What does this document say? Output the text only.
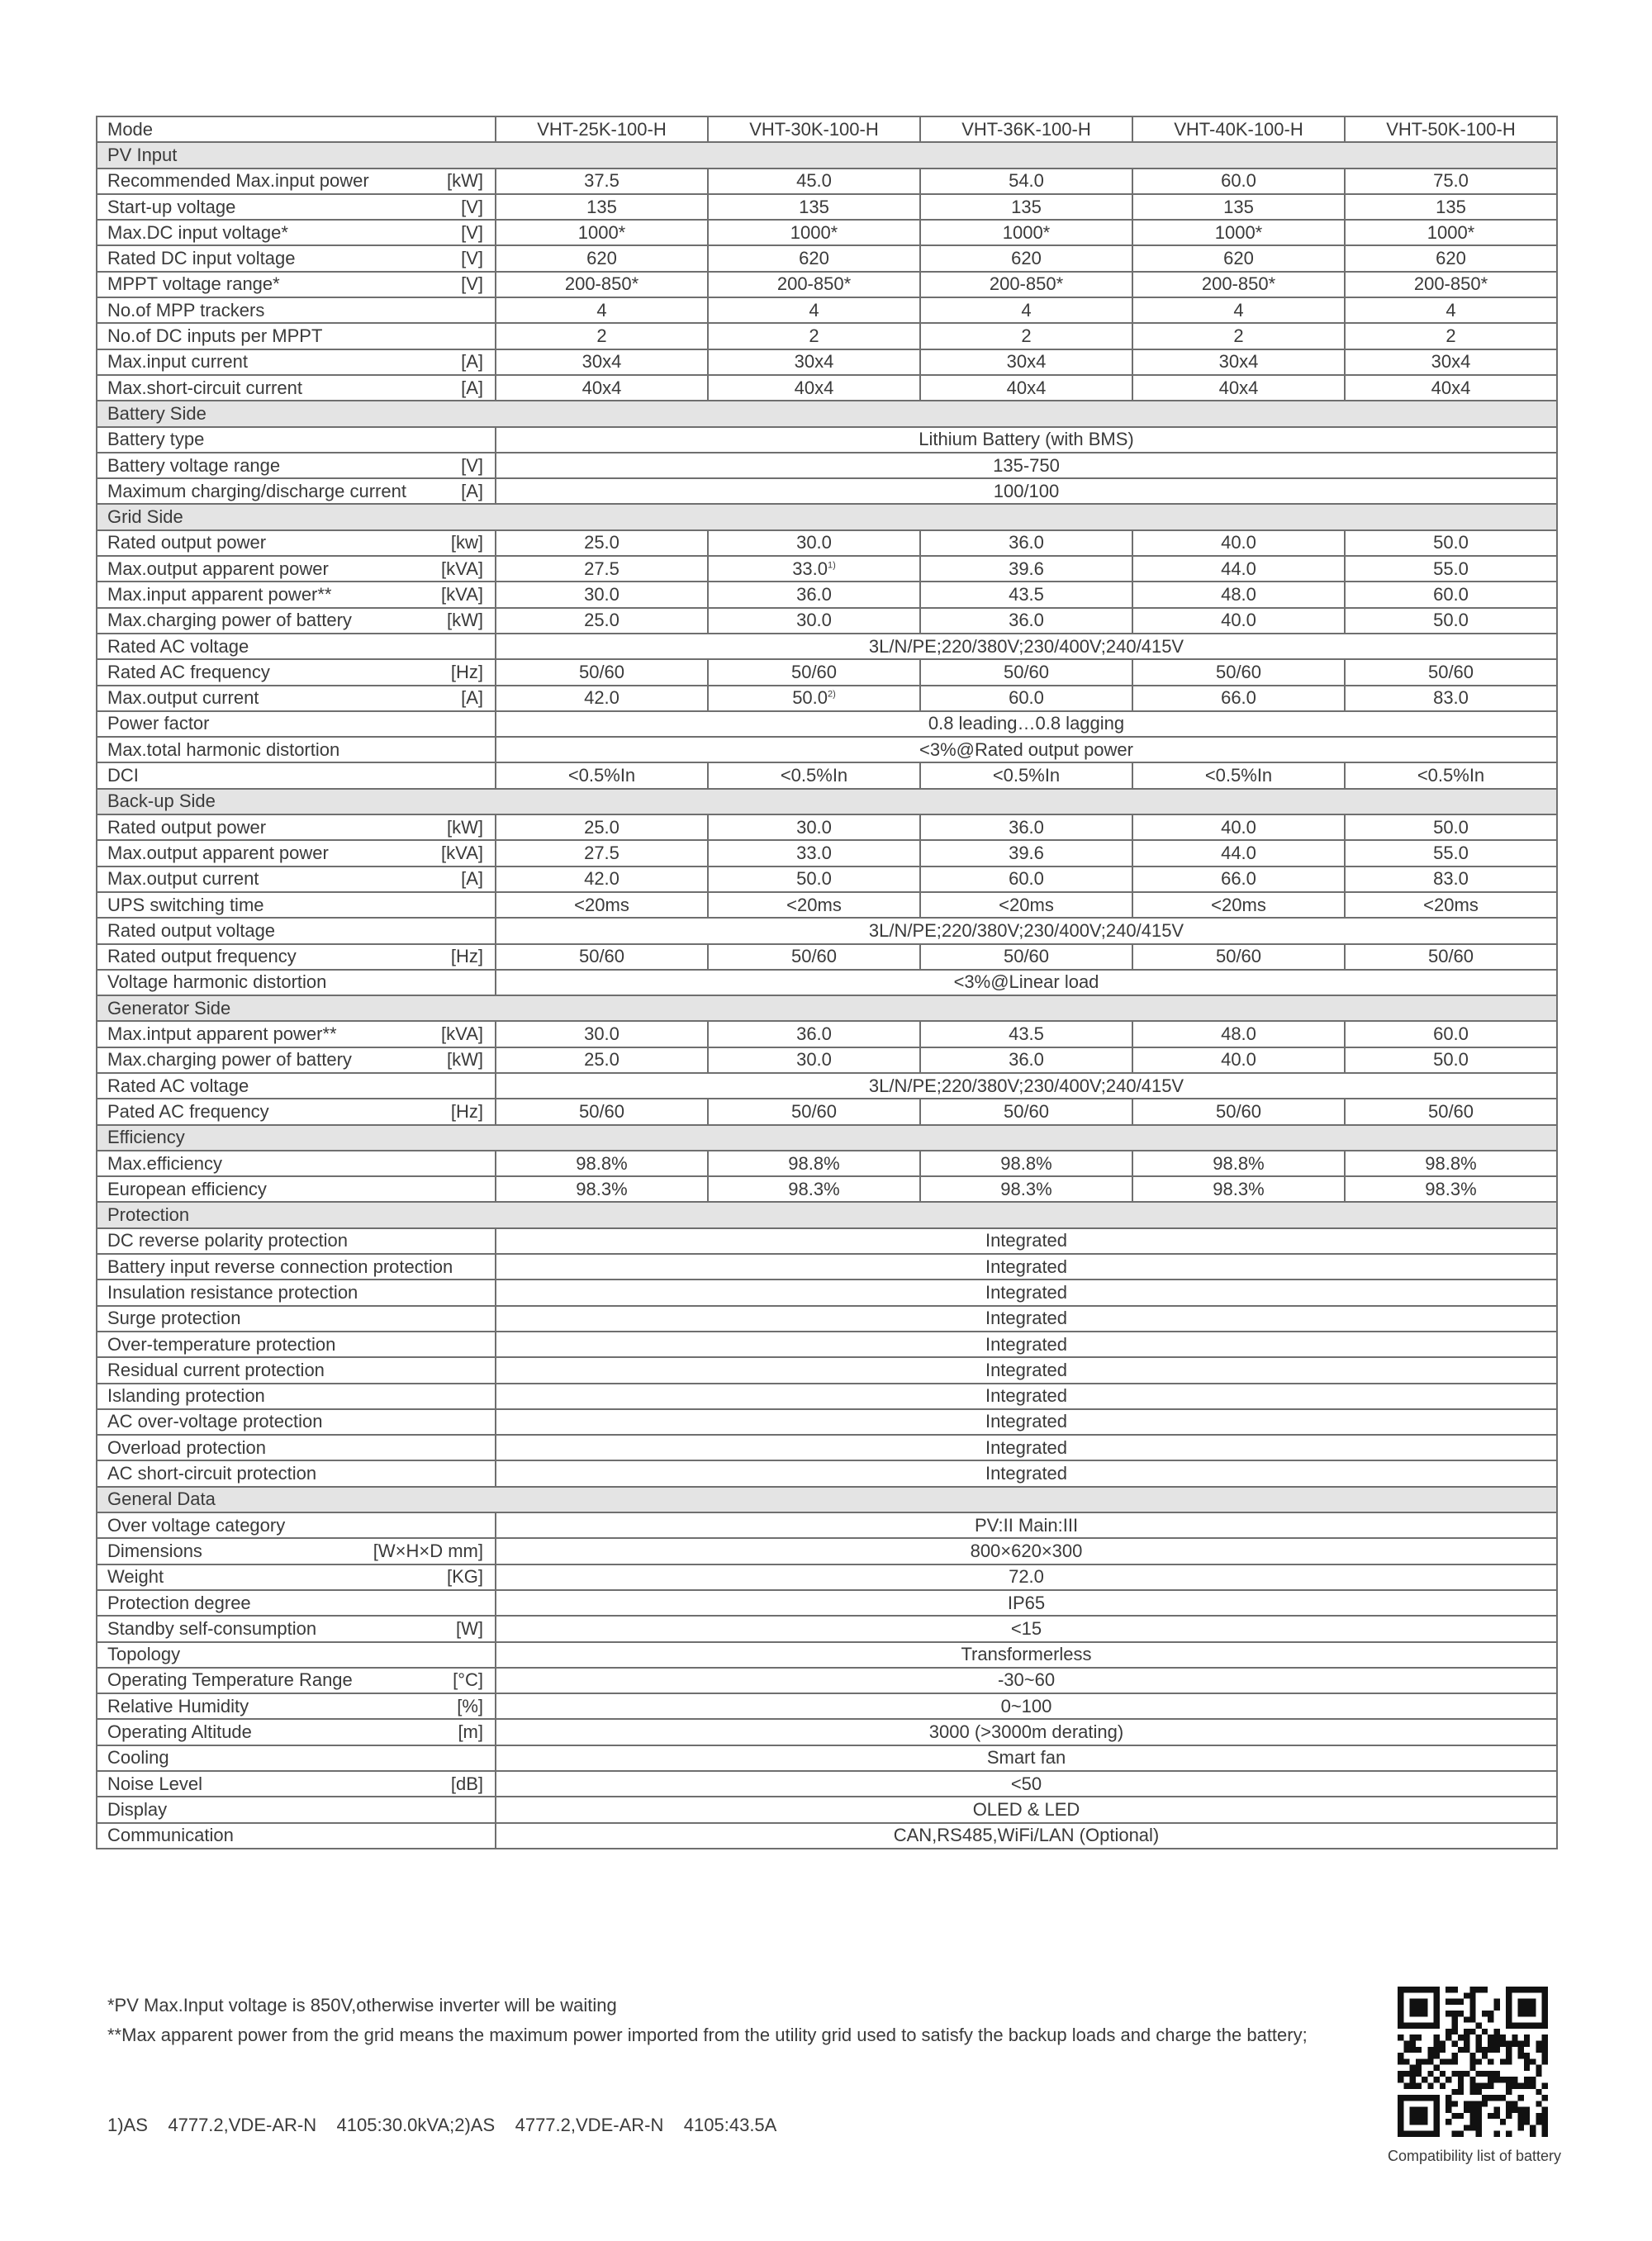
Mode	VHT-25K-100-H	VHT-30K-100-H	VHT-36K-100-H	VHT-40K-100-H	VHT-50K-100-H
PV Input					

Recommended Max.input power [kW]	37.5	45.0	54.0	60.0	75.0

Start-up voltage [V]	135	135	135	135	135

Max.DC input voltage* [V]	1000*	1000*	1000*	1000*	1000*

Rated DC input voltage [V]	620	620	620	620	620

MPPT voltage range* [V]	200-850*	200-850*	200-850*	200-850*	200-850*

No.of MPP trackers	4	4	4	4	4

No.of DC inputs per MPPT	2	2	2	2	2

Max.input current [A]	30x4	30x4	30x4	30x4	30x4

Max.short-circuit current [A]	40x4	40x4	40x4	40x4	40x4
Battery Side					

Battery type	Lithium Battery (with BMS)				

Battery voltage range [V]	135-750				

Maximum charging/discharge current [A]	100/100				
Grid Side					

Rated output power [kw]	25.0	30.0	36.0	40.0	50.0

Max.output apparent power [kVA]	27.5	33.0$^{1)}$	39.6	44.0	55.0

Max.input apparent power** [kVA]	30.0	36.0	43.5	48.0	60.0

Max.charging power of battery [kW]	25.0	30.0	36.0	40.0	50.0

Rated AC voltage	3L/N/PE;220/380V;230/400V;240/415V				

Rated AC frequency [Hz]	50/60	50/60	50/60	50/60	50/60

Max.output current [A]	42.0	50.0$^{2)}$	60.0	66.0	83.0

Power factor	0.8 leading…0.8 lagging				

Max.total harmonic distortion	<3%@Rated output power				

DCI	<0.5%In	<0.5%In	<0.5%In	<0.5%In	<0.5%In
Back-up Side					

Rated output power [kW]	25.0	30.0	36.0	40.0	50.0

Max.output apparent power [kVA]	27.5	33.0	39.6	44.0	55.0

Max.output current [A]	42.0	50.0	60.0	66.0	83.0

UPS switching time	<20ms	<20ms	<20ms	<20ms	<20ms

Rated output voltage	3L/N/PE;220/380V;230/400V;240/415V				

Rated output frequency [Hz]	50/60	50/60	50/60	50/60	50/60

Voltage harmonic distortion	<3%@Linear load				
Generator Side					

Max.intput apparent power** [kVA]	30.0	36.0	43.5	48.0	60.0

Max.charging power of battery [kW]	25.0	30.0	36.0	40.0	50.0

Rated AC voltage	3L/N/PE;220/380V;230/400V;240/415V				

Pated AC frequency [Hz]	50/60	50/60	50/60	50/60	50/60
Efficiency					

Max.efficiency	98.8%	98.8%	98.8%	98.8%	98.8%

European efficiency	98.3%	98.3%	98.3%	98.3%	98.3%
Protection					

DC reverse polarity protection	Integrated				

Battery input reverse connection protection	Integrated				

Insulation resistance protection	Integrated				

Surge protection	Integrated				

Over-temperature protection	Integrated				

Residual current protection	Integrated				

Islanding protection	Integrated				

AC over-voltage protection	Integrated				

Overload protection	Integrated				

AC short-circuit protection	Integrated				
General Data					

Over voltage category	PV:II Main:III				

Dimensions [W×H×D mm]	800×620×300				

Weight [KG]	72.0				

Protection degree	IP65				

Standby self-consumption [W]	<15				

Topology	Transformerless				

Operating Temperature Range [°C]	-30~60				

Relative Humidity [%]	0~100				

Operating Altitude [m]	3000 (>3000m derating)				

Cooling	Smart fan				

Noise Level [dB]	<50				

Display	OLED & LED				

Communication	CAN,RS485,WiFi/LAN (Optional)				
*PV Max.Input voltage is 850V,otherwise inverter will be waiting
**Max apparent power from the grid means the maximum power imported from the utility grid used to satisfy the backup loads and charge the battery;
1)AS    4777.2,VDE-AR-N    4105:30.0kVA;2)AS    4777.2,VDE-AR-N    4105:43.5A
Compatibility list of battery
